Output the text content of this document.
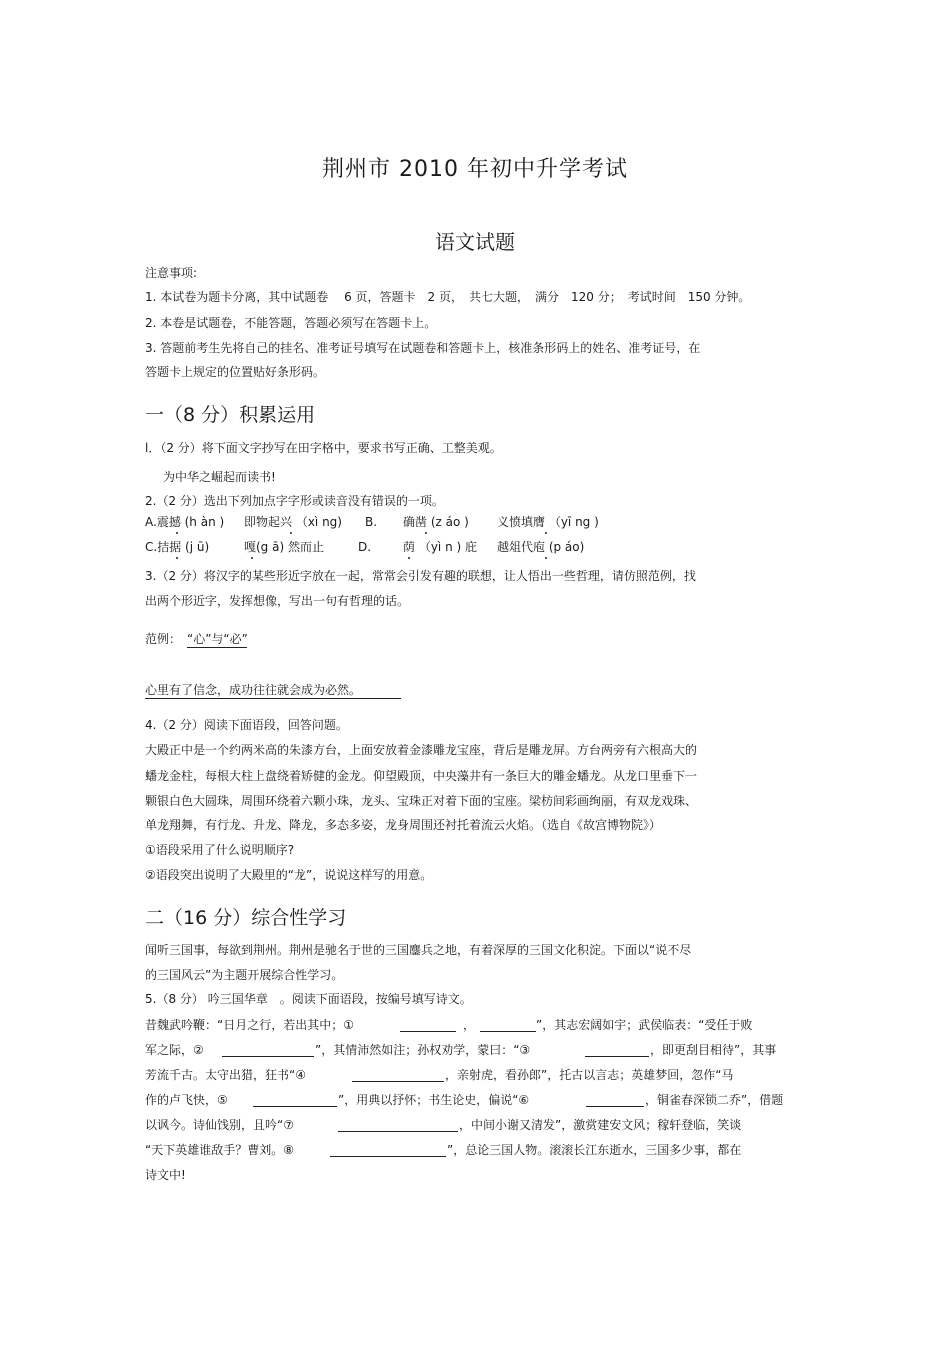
荆州市 2010 年初中升学考试
语文试题
注意事项:
1. 本试卷为题卡分离，其中试题卷　 6 页，答题卡　2 页，　共七大题，　满分　120 分；　考试时间　150 分钟。
2. 本卷是试题卷，不能答题，答题必须写在答题卡上。
3. 答题前考生先将自己的挂名、准考证号填写在试题卷和答题卡上，核准条形码上的姓名、准考证号，在
答题卡上规定的位置贴好条形码。
一（8 分）积累运用
l．（2 分）将下面文字抄写在田字格中，要求书写正确、工整美观。
为中华之崛起而读书!
2.（2 分）选出下列加点字字形或读音没有错误的一项。
A.震撼 (h àn ) 即物起兴 （xì ng) B. 确凿 (z áo ) 义愤填膺 （yī ng )
C.拮据 (j ū)	嘎(g ā) 然而止	D.	荫 （yì n ) 庇 越俎代庖 (p áo)
3.（2 分）将汉字的某些形近字放在一起，常常会引发有趣的联想，让人悟出一些哲理，请仿照范例，找
出两个形近字，发挥想像，写出一句有哲理的话。
范例： “心”与“必”
心里有了信念，成功往往就会成为必然。
4.（2 分）阅读下面语段，回答问题。
大殿正中是一个约两米高的朱漆方台，上面安放着金漆雕龙宝座，背后是雕龙屏。方台两旁有六根高大的
蟠龙金柱，每根大柱上盘绕着矫健的金龙。仰望殿顶，中央藻井有一条巨大的雕金蟠龙。从龙口里垂下一
颗银白色大圆珠，周围环绕着六颗小珠，龙头、宝珠正对着下面的宝座。梁枋间彩画绚丽，有双龙戏珠、
单龙翔舞，有行龙、升龙、降龙，多态多姿，龙身周围还衬托着流云火焰。（选自《故宫博物院》）
①语段采用了什么说明顺序?
②语段突出说明了大殿里的“龙”，说说这样写的用意。
二（16 分）综合性学习
闻听三国事，每欲到荆州。荆州是驰名于世的三国鏖兵之地，有着深厚的三国文化积淀。下面以“说不尽
的三国风云”为主题开展综合性学习。
5.（8 分） 吟三国华章　。阅读下面语段，按编号填写诗文。
昔魏武吟鞭：“日月之行，若出其中；①	，	”，其志宏阔如宇；武侯临表：“受任于败
军之际，②	”，其情沛然如注；孙权劝学，蒙曰：“③	，即更刮目相待”，其事
芳流千古。太守出猎，狂书“④	，亲射虎，看孙郎”，托古以言志；英雄梦回，忽作“马
作的卢飞快，⑤	”，用典以抒怀；书生论史，偏说“⑥	，铜雀春深锁二乔”，借题
以讽今。诗仙饯别，且吟“⑦	，中间小谢又清发”，激赏建安文风；稼轩登临，笑谈
“天下英雄谁敌手？曹刘。⑧	”，总论三国人物。滚滚长江东逝水，三国多少事，都在
诗文中!
